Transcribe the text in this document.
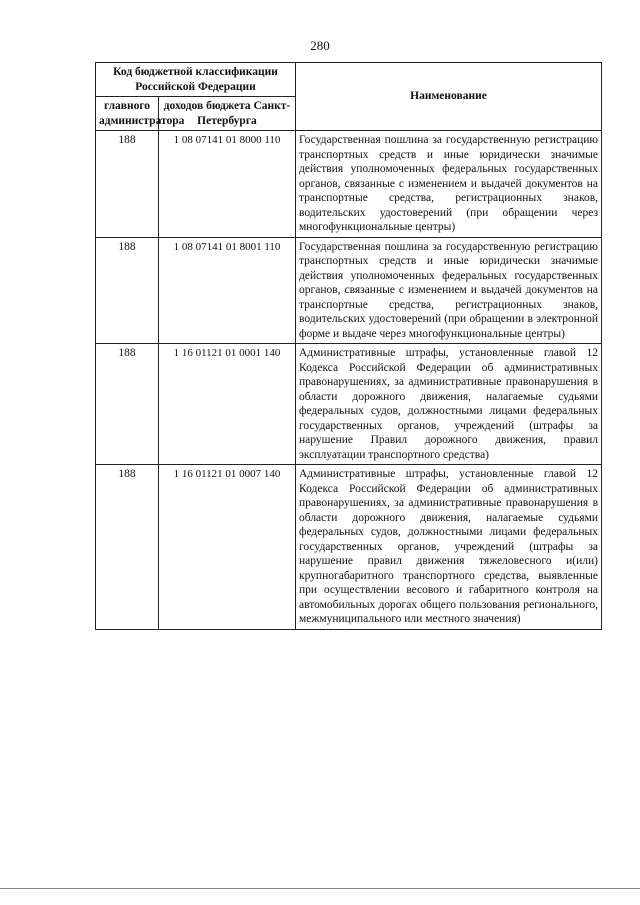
280
Код бюджетной классификации Российской Федерации		Наименование
главного администратора	доходов бюджета Санкт-Петербурга	
188	1 08 07141 01 8000 110	Государственная пошлина за государственную регистрацию транспортных средств и иные юридически значимые действия уполномоченных федеральных государственных органов, связанные с изменением и выдачей документов на транспортные средства, регистрационных знаков, водительских удостоверений (при обращении через многофункциональные центры)
188	1 08 07141 01 8001 110	Государственная пошлина за государственную регистрацию транспортных средств и иные юридически значимые действия уполномоченных федеральных государственных органов, связанные с изменением и выдачей документов на транспортные средства, регистрационных знаков, водительских удостоверений (при обращении в электронной форме и выдаче через многофункциональные центры)
188	1 16 01121 01 0001 140	Административные штрафы, установленные главой 12 Кодекса Российской Федерации об административных правонарушениях, за административные правонарушения в области дорожного движения, налагаемые судьями федеральных судов, должностными лицами федеральных государственных органов, учреждений (штрафы за нарушение Правил дорожного движения, правил эксплуатации транспортного средства)
188	1 16 01121 01 0007 140	Административные штрафы, установленные главой 12 Кодекса Российской Федерации об административных правонарушениях, за административные правонарушения в области дорожного движения, налагаемые судьями федеральных судов, должностными лицами федеральных государственных органов, учреждений (штрафы за нарушение правил движения тяжеловесного и(или) крупногабаритного транспортного средства, выявленные при осуществлении весового и габаритного контроля на автомобильных дорогах общего пользования регионального, межмуниципального или местного значения)
